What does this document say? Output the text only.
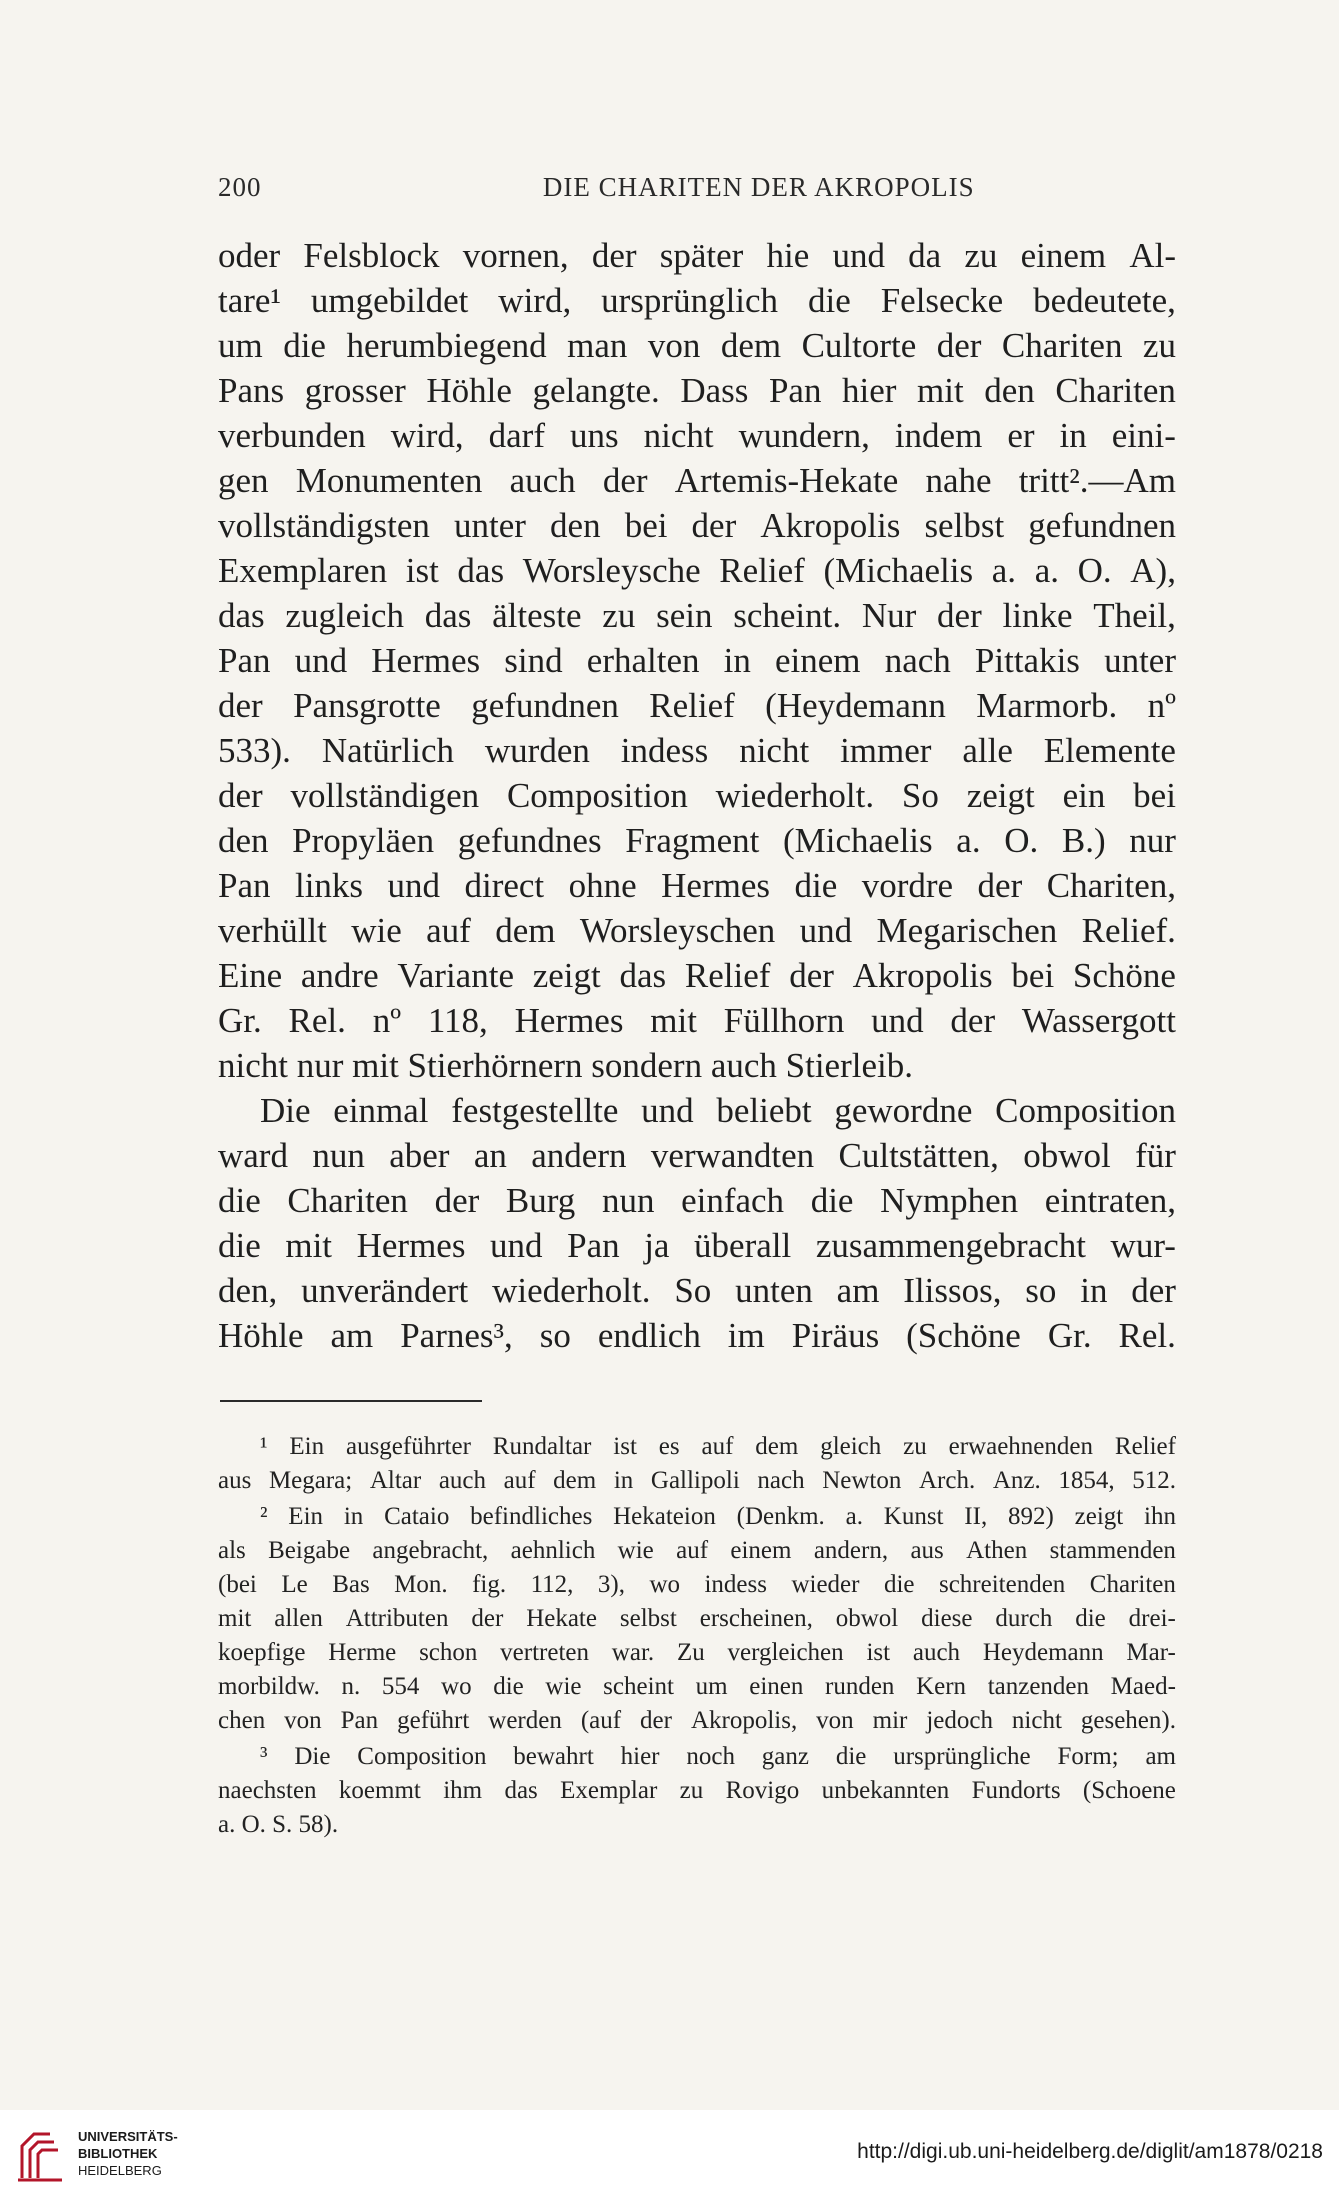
200	DIE CHARITEN DER AKROPOLIS
oder Felsblock vornen, der später hie und da zu einem Al-
tare¹ umgebildet wird, ursprünglich die Felsecke bedeutete,
um die herumbiegend man von dem Cultorte der Chariten zu
Pans grosser Höhle gelangte. Dass Pan hier mit den Chariten
verbunden wird, darf uns nicht wundern, indem er in eini-
gen Monumenten auch der Artemis-Hekate nahe tritt².—Am
vollständigsten unter den bei der Akropolis selbst gefundnen
Exemplaren ist das Worsleysche Relief (Michaelis a. a. O. A),
das zugleich das älteste zu sein scheint. Nur der linke Theil,
Pan und Hermes sind erhalten in einem nach Pittakis unter
der Pansgrotte gefundnen Relief (Heydemann Marmorb. nº
533). Natürlich wurden indess nicht immer alle Elemente
der vollständigen Composition wiederholt. So zeigt ein bei
den Propyläen gefundnes Fragment (Michaelis a. O. B.) nur
Pan links und direct ohne Hermes die vordre der Chariten,
verhüllt wie auf dem Worsleyschen und Megarischen Relief.
Eine andre Variante zeigt das Relief der Akropolis bei Schöne
Gr. Rel. nº 118, Hermes mit Füllhorn und der Wassergott
nicht nur mit Stierhörnern sondern auch Stierleib.
Die einmal festgestellte und beliebt gewordne Composition
ward nun aber an andern verwandten Cultstätten, obwol für
die Chariten der Burg nun einfach die Nymphen eintraten,
die mit Hermes und Pan ja überall zusammengebracht wur-
den, unverändert wiederholt. So unten am Ilissos, so in der
Höhle am Parnes³, so endlich im Piräus (Schöne Gr. Rel.
¹ Ein ausgeführter Rundaltar ist es auf dem gleich zu erwaehnenden Relief
aus Megara; Altar auch auf dem in Gallipoli nach Newton Arch. Anz. 1854, 512.
² Ein in Cataio befindliches Hekateion (Denkm. a. Kunst II, 892) zeigt ihn
als Beigabe angebracht, aehnlich wie auf einem andern, aus Athen stammenden
(bei Le Bas Mon. fig. 112, 3), wo indess wieder die schreitenden Chariten
mit allen Attributen der Hekate selbst erscheinen, obwol diese durch die drei-
koepfige Herme schon vertreten war. Zu vergleichen ist auch Heydemann Mar-
morbildw. n. 554 wo die wie scheint um einen runden Kern tanzenden Maed-
chen von Pan geführt werden (auf der Akropolis, von mir jedoch nicht gesehen).
³ Die Composition bewahrt hier noch ganz die ursprüngliche Form; am
naechsten koemmt ihm das Exemplar zu Rovigo unbekannten Fundorts (Schoene
a. O. S. 58).
UNIVERSITÄTS-
BIBLIOTHEK
HEIDELBERG
http://digi.ub.uni-heidelberg.de/diglit/am1878/0218
